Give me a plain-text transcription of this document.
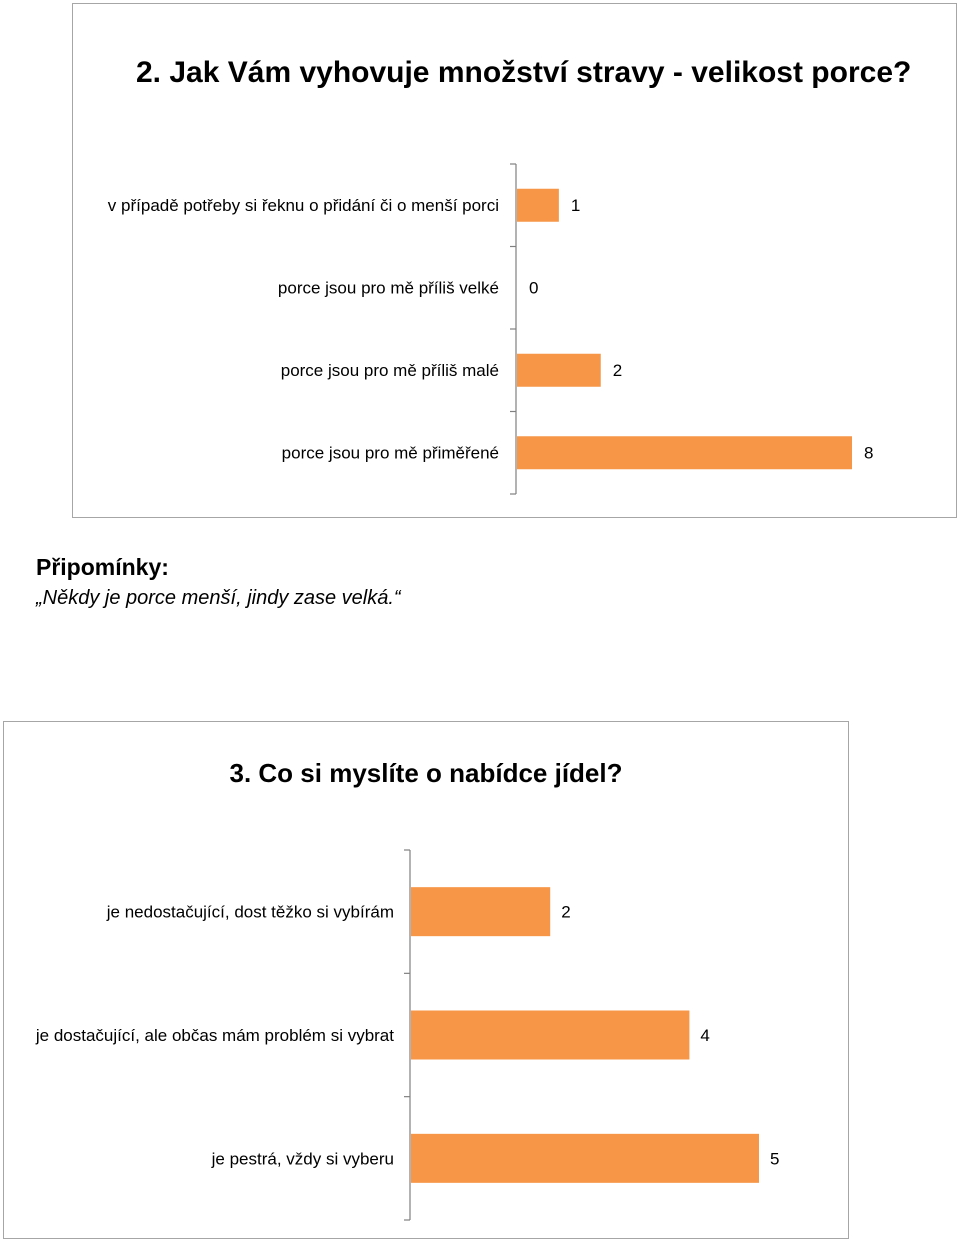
2. Jak Vám vyhovuje množství stravy - velikost porce?
v případě potřeby si řeknu o přidání či o menší porci	1
porce jsou pro mě příliš velké 0
porce jsou pro mě příliš malé	2
porce jsou pro mě přiměřené	8
Připomínky:
„Někdy je porce menší, jindy zase velká.“
3. Co si myslíte o nabídce jídel?
je nedostačující, dost těžko si vybírám	2
je dostačující, ale občas mám problém si vybrat	4
je pestrá, vždy si vyberu	5
